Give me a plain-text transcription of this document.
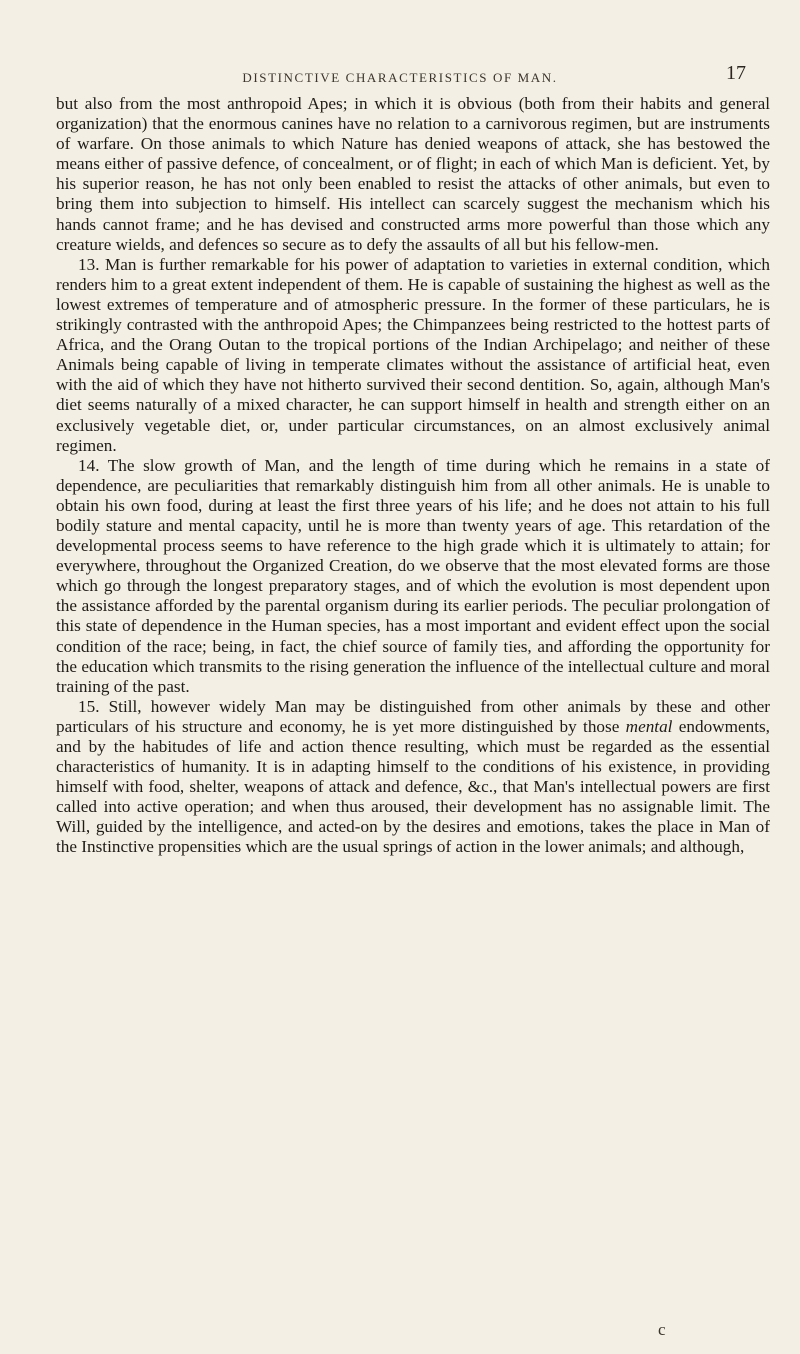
DISTINCTIVE CHARACTERISTICS OF MAN.	17

but also from the most anthropoid Apes; in which it is obvious (both from their habits and general organization) that the enormous canines have no relation to a carnivorous regimen, but are instruments of warfare. On those animals to which Nature has denied weapons of attack, she has bestowed the means either of passive defence, of concealment, or of flight; in each of which Man is deficient. Yet, by his superior reason, he has not only been enabled to resist the attacks of other animals, but even to bring them into subjection to himself. His intellect can scarcely suggest the mechanism which his hands cannot frame; and he has devised and constructed arms more powerful than those which any creature wields, and defences so secure as to defy the assaults of all but his fellow-men.

13. Man is further remarkable for his power of adaptation to varieties in external condition, which renders him to a great extent independent of them. He is capable of sustaining the highest as well as the lowest extremes of temperature and of atmospheric pressure. In the former of these particulars, he is strikingly contrasted with the anthropoid Apes; the Chimpanzees being restricted to the hottest parts of Africa, and the Orang Outan to the tropical portions of the Indian Archipelago; and neither of these Animals being capable of living in temperate climates without the assistance of artificial heat, even with the aid of which they have not hitherto survived their second dentition. So, again, although Man's diet seems naturally of a mixed character, he can support himself in health and strength either on an exclusively vegetable diet, or, under particular circumstances, on an almost exclusively animal regimen.

14. The slow growth of Man, and the length of time during which he remains in a state of dependence, are peculiarities that remarkably distinguish him from all other animals. He is unable to obtain his own food, during at least the first three years of his life; and he does not attain to his full bodily stature and mental capacity, until he is more than twenty years of age. This retardation of the developmental process seems to have reference to the high grade which it is ultimately to attain; for everywhere, throughout the Organized Creation, do we observe that the most elevated forms are those which go through the longest preparatory stages, and of which the evolution is most dependent upon the assistance afforded by the parental organism during its earlier periods. The peculiar prolongation of this state of dependence in the Human species, has a most important and evident effect upon the social condition of the race; being, in fact, the chief source of family ties, and affording the opportunity for the education which transmits to the rising generation the influence of the intellectual culture and moral training of the past.

15. Still, however widely Man may be distinguished from other animals by these and other particulars of his structure and economy, he is yet more distinguished by those mental endowments, and by the habitudes of life and action thence resulting, which must be regarded as the essential characteristics of humanity. It is in adapting himself to the conditions of his existence, in providing himself with food, shelter, weapons of attack and defence, &c., that Man's intellectual powers are first called into active operation; and when thus aroused, their development has no assignable limit. The Will, guided by the intelligence, and acted-on by the desires and emotions, takes the place in Man of the Instinctive propensities which are the usual springs of action in the lower animals; and although,

c
